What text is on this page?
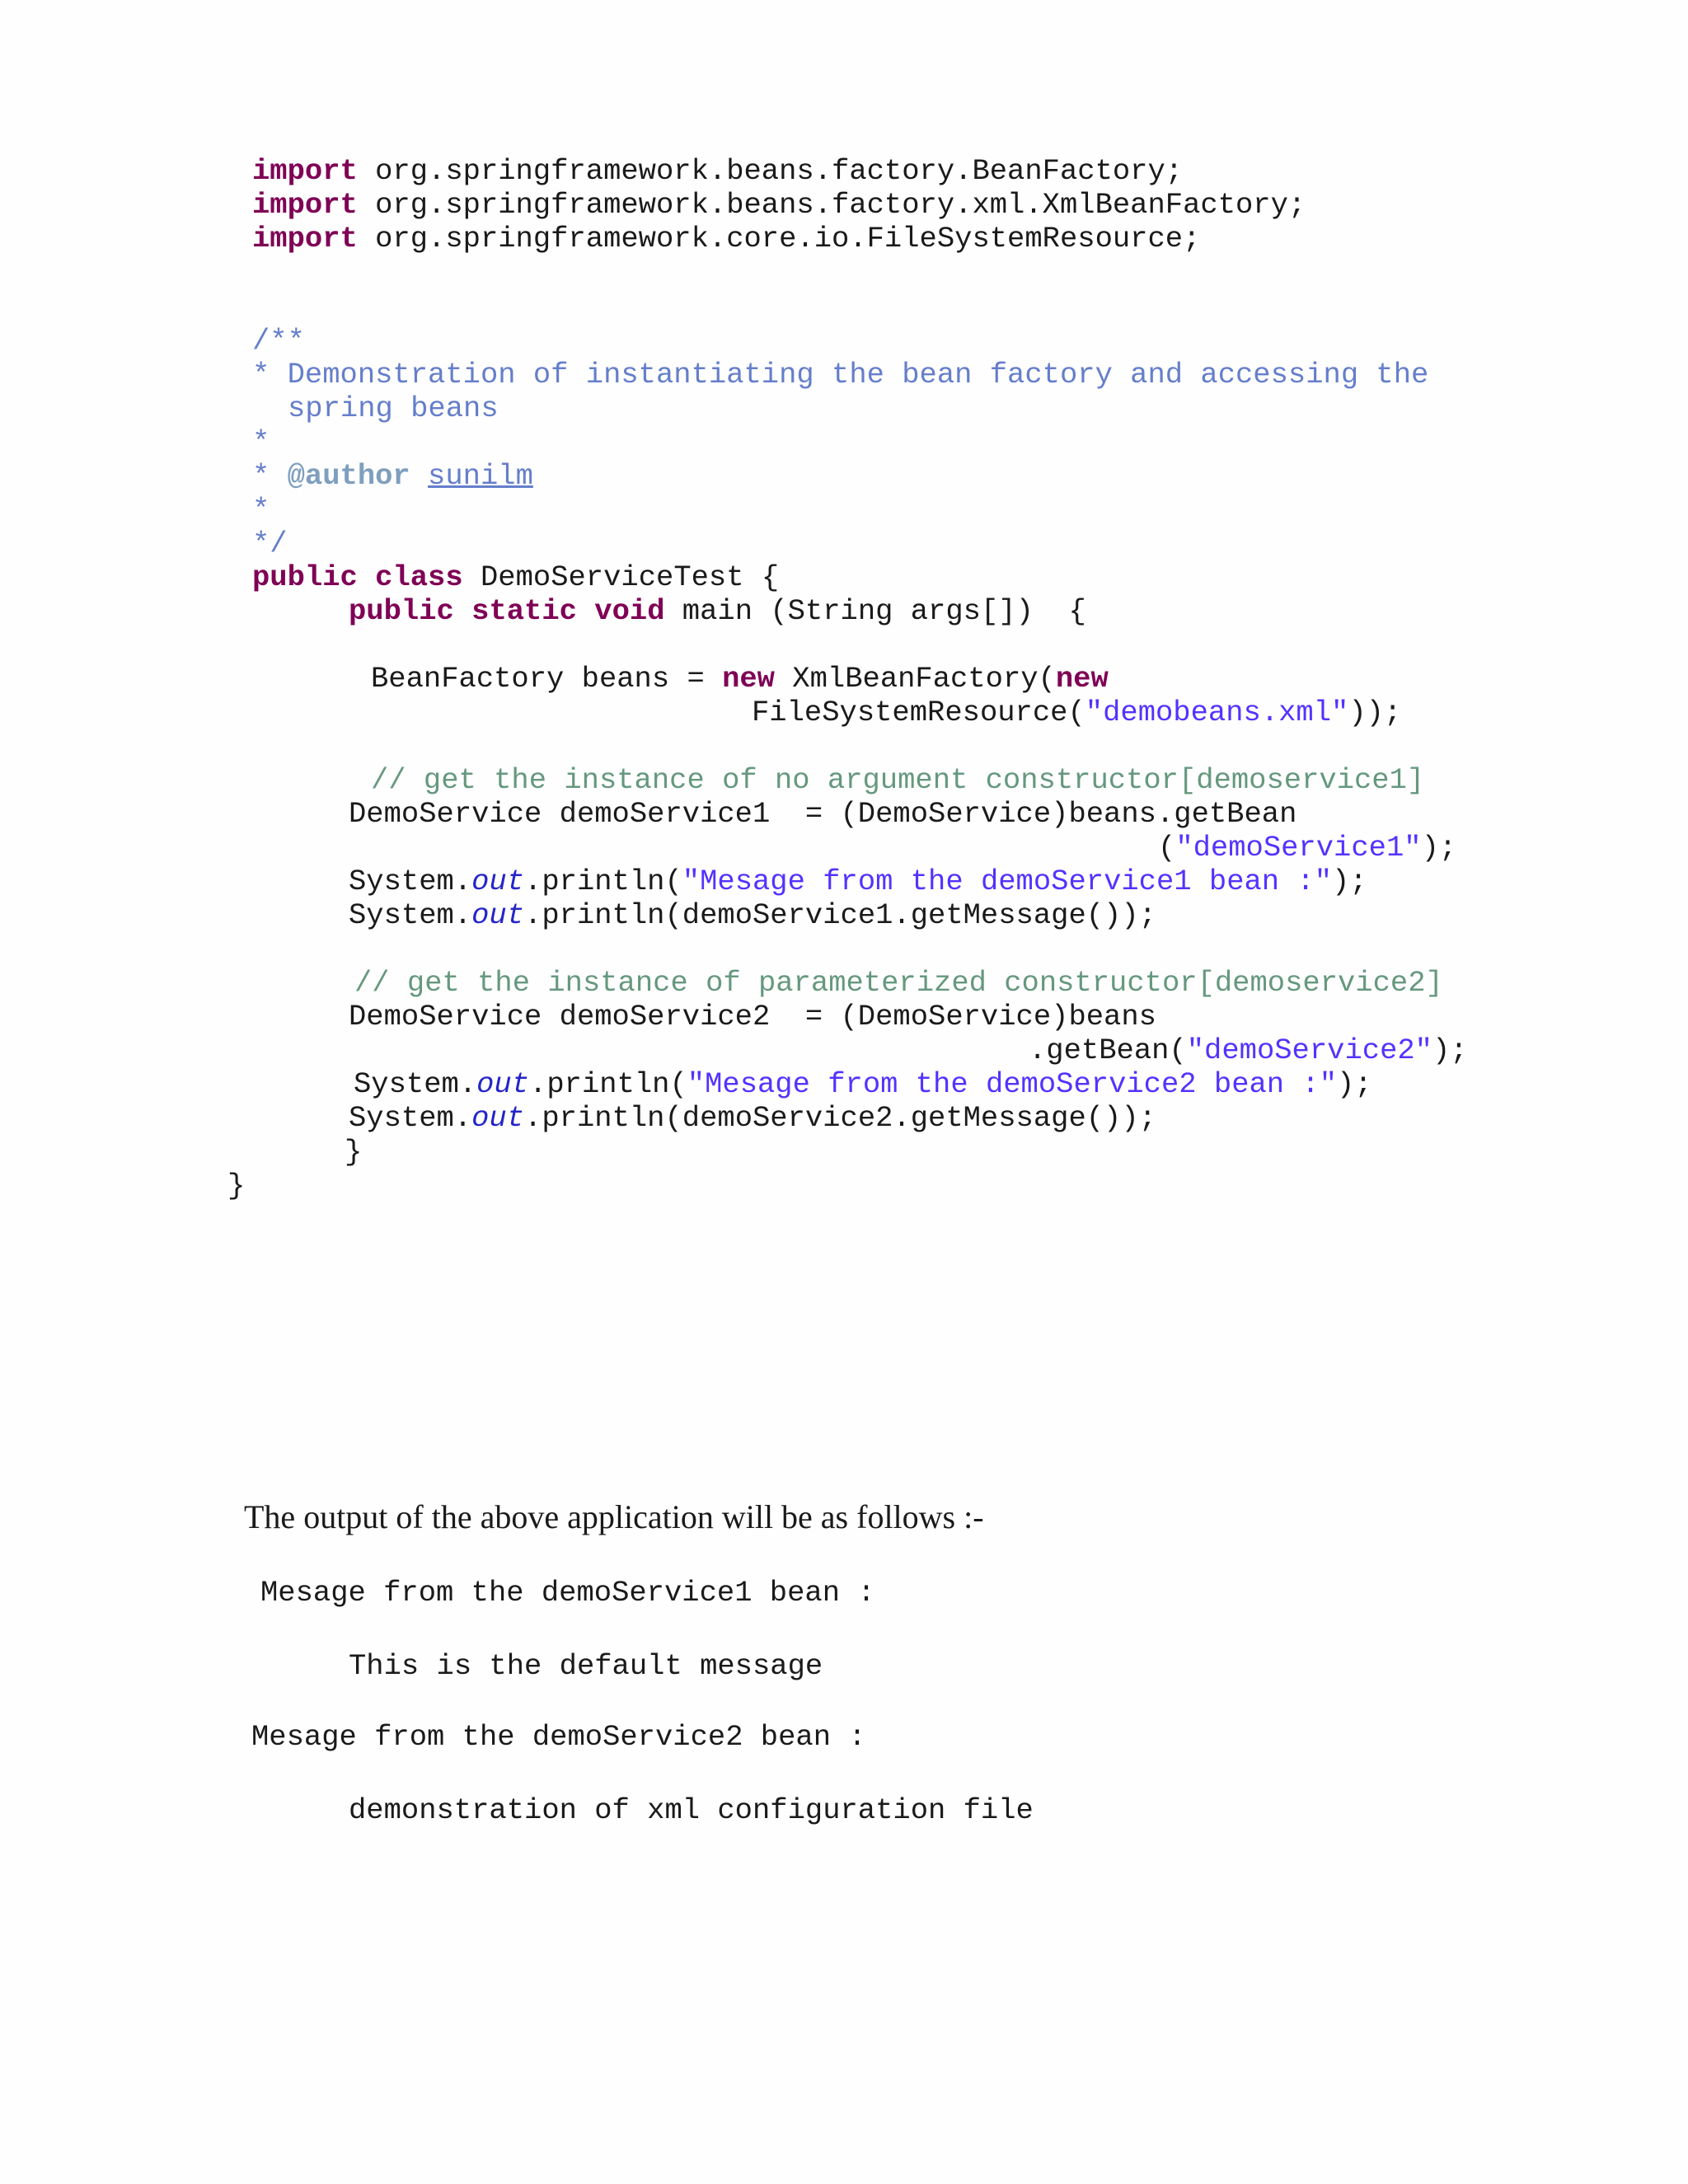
import org.springframework.beans.factory.BeanFactory;
import org.springframework.beans.factory.xml.XmlBeanFactory;
import org.springframework.core.io.FileSystemResource;
/**
* Demonstration of instantiating the bean factory and accessing the
spring beans
*
* @author sunilm
*
*/
public class DemoServiceTest {
public static void main (String args[])  {
BeanFactory beans = new XmlBeanFactory(new
FileSystemResource("demobeans.xml"));
// get the instance of no argument constructor[demoservice1]
DemoService demoService1  = (DemoService)beans.getBean
("demoService1");
System.out.println("Mesage from the demoService1 bean :");
System.out.println(demoService1.getMessage());
// get the instance of parameterized constructor[demoservice2]
DemoService demoService2  = (DemoService)beans
.getBean("demoService2");
System.out.println("Mesage from the demoService2 bean :");
System.out.println(demoService2.getMessage());
}
}
The output of the above application will be as follows :-
Mesage from the demoService1 bean :
This is the default message
Mesage from the demoService2 bean :
demonstration of xml configuration file
